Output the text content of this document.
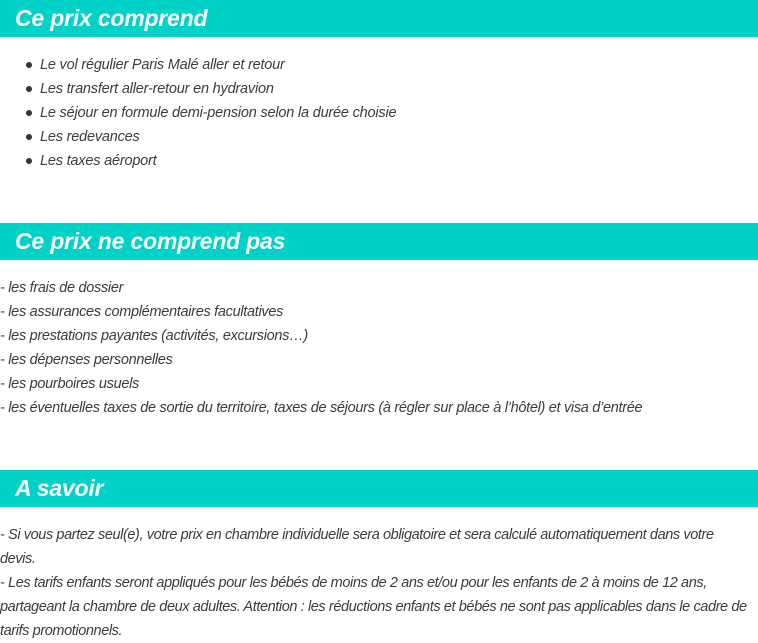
Ce prix comprend
Le vol régulier Paris Malé aller et retour
Les transfert aller-retour en hydravion
Le séjour en formule demi-pension selon la durée choisie
Les redevances
Les taxes aéroport
Ce prix ne comprend pas
- les frais de dossier
- les assurances complémentaires facultatives
- les prestations payantes (activités, excursions…)
- les dépenses personnelles
- les pourboires usuels
- les éventuelles taxes de sortie du territoire, taxes de séjours (à régler sur place à l’hôtel) et visa d’entrée
A savoir

- Si vous partez seul(e), votre prix en chambre individuelle sera obligatoire et sera calculé automatiquement dans votre devis.

- Les tarifs enfants seront appliqués pour les bébés de moins de 2 ans et/ou pour les enfants de 2 à moins de 12 ans, partageant la chambre de deux adultes. Attention : les réductions enfants et bébés ne sont pas applicables dans le cadre de tarifs promotionnels.
